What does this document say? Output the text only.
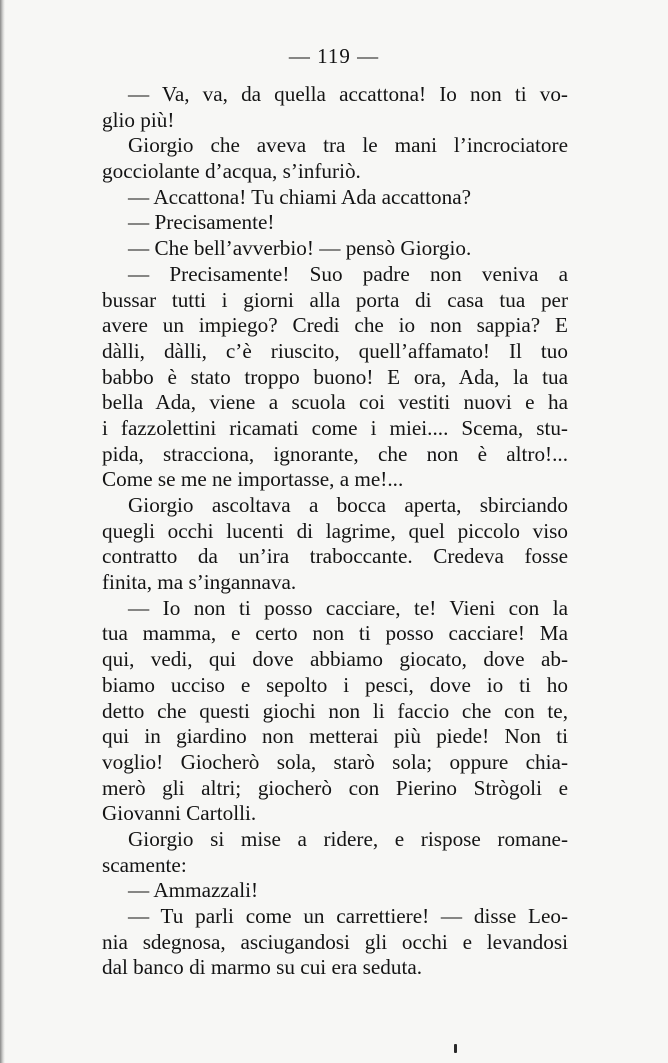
— 119 —
— Va, va, da quella accattona! Io non ti vo-
glio più!
Giorgio che aveva tra le mani l’incrociatore
gocciolante d’acqua, s’infuriò.
— Accattona! Tu chiami Ada accattona?
— Precisamente!
— Che bell’avverbio! — pensò Giorgio.
— Precisamente! Suo padre non veniva a
bussar tutti i giorni alla porta di casa tua per
avere un impiego? Credi che io non sappia? E
dàlli, dàlli, c’è riuscito, quell’affamato! Il tuo
babbo è stato troppo buono! E ora, Ada, la tua
bella Ada, viene a scuola coi vestiti nuovi e ha
i fazzolettini ricamati come i miei.... Scema, stu-
pida, stracciona, ignorante, che non è altro!...
Come se me ne importasse, a me!...
Giorgio ascoltava a bocca aperta, sbirciando
quegli occhi lucenti di lagrime, quel piccolo viso
contratto da un’ira traboccante. Credeva fosse
finita, ma s’ingannava.
— Io non ti posso cacciare, te! Vieni con la
tua mamma, e certo non ti posso cacciare! Ma
qui, vedi, qui dove abbiamo giocato, dove ab-
biamo ucciso e sepolto i pesci, dove io ti ho
detto che questi giochi non li faccio che con te,
qui in giardino non metterai più piede! Non ti
voglio! Giocherò sola, starò sola; oppure chia-
merò gli altri; giocherò con Pierino Strògoli e
Giovanni Cartolli.
Giorgio si mise a ridere, e rispose romane-
scamente:
— Ammazzali!
— Tu parli come un carrettiere! — disse Leo-
nia sdegnosa, asciugandosi gli occhi e levandosi
dal banco di marmo su cui era seduta.
